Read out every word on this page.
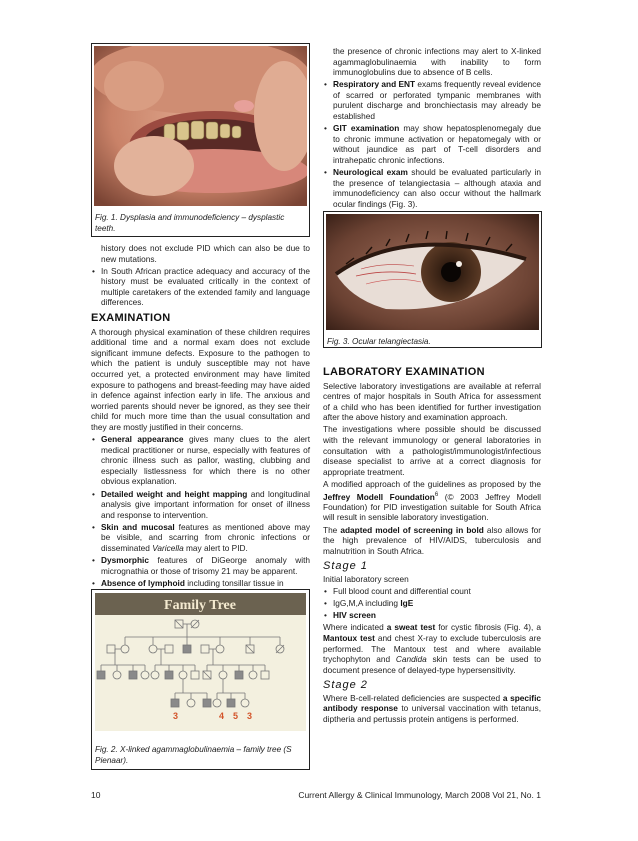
Fig. 1. Dysplasia and immunodeficiency – dysplastic teeth.

history does not exclude PID which can also be due to new mutations.

• In South African practice adequacy and accuracy of the history must be evaluated critically in the context of multiple caretakers of the extended family and language differences.

EXAMINATION

A thorough physical examination of these children requires additional time and a normal exam does not exclude significant immune defects. Exposure to the pathogen to which the patient is unduly susceptible may not have occurred yet, a protected environment may have limited exposure to pathogens and breast-feeding may have aided in defence against infection early in life. The anxious and worried parents should never be ignored, as they see their child for much more time than the usual consultation and they are mostly justified in their concerns.

• General appearance gives many clues to the alert medical practitioner or nurse, especially with features of chronic illness such as pallor, wasting, clubbing and especially listlessness for which there is no other obvious explanation.

• Detailed weight and height mapping and longitudinal analysis give important information for onset of illness and response to intervention.

• Skin and mucosal features as mentioned above may be visible, and scarring from chronic infections or disseminated Varicella may alert to PID.

• Dysmorphic features of DiGeorge anomaly with micrognathia or those of trisomy 21 may be apparent.

• Absence of lymphoid including tonsillar tissue in

Family Tree
3	4 5 3
Fig. 2. X-linked agammaglobulinaemia – family tree (S Pienaar).

the presence of chronic infections may alert to X-linked agammaglobulinaemia with inability to form immunoglobulins due to absence of B cells.

• Respiratory and ENT exams frequently reveal evidence of scarred or perforated tympanic membranes with purulent discharge and bronchiectasis may already be established

• GIT examination may show hepatosplenomegaly due to chronic immune activation or hepatomegaly with or without jaundice as part of T-cell disorders and intrahepatic chronic infections.

• Neurological exam should be evaluated particularly in the presence of telangiectasia – although ataxia and immunodeficiency can also occur without the hallmark ocular findings (Fig. 3).

Fig. 3. Ocular telangiectasia.
LABORATORY EXAMINATION

Selective laboratory investigations are available at referral centres of major hospitals in South Africa for assessment of a child who has been identified for further investigation after the above history and examination approach.

The investigations where possible should be discussed with the relevant immunology or general laboratories in consultation with a pathologist/immunologist/infectious disease specialist to arrive at a correct diagnosis for appropriate treatment.

A modified approach of the guidelines as proposed by the Jeffrey Modell Foundation$^6$ (© 2003 Jeffrey Modell Foundation) for PID investigation suitable for South Africa will result in sensible laboratory investigation.

The adapted model of screening in bold also allows for the high prevalence of HIV/AIDS, tuberculosis and malnutrition in South Africa.

Stage 1

Initial laboratory screen

• Full blood count and differential count

• IgG,M,A including IgE

• HIV screen

Where indicated a sweat test for cystic fibrosis (Fig. 4), a Mantoux test and chest X-ray to exclude tuberculosis are performed. The Mantoux test and where available trychophyton and Candida skin tests can be used to document presence of delayed-type hypersensitivity.

Stage 2

Where B-cell-related deficiencies are suspected a specific antibody response to universal vaccination with tetanus, diptheria and pertussis protein antigens is performed.

10	Current Allergy & Clinical Immunology, March 2008 Vol 21, No. 1
